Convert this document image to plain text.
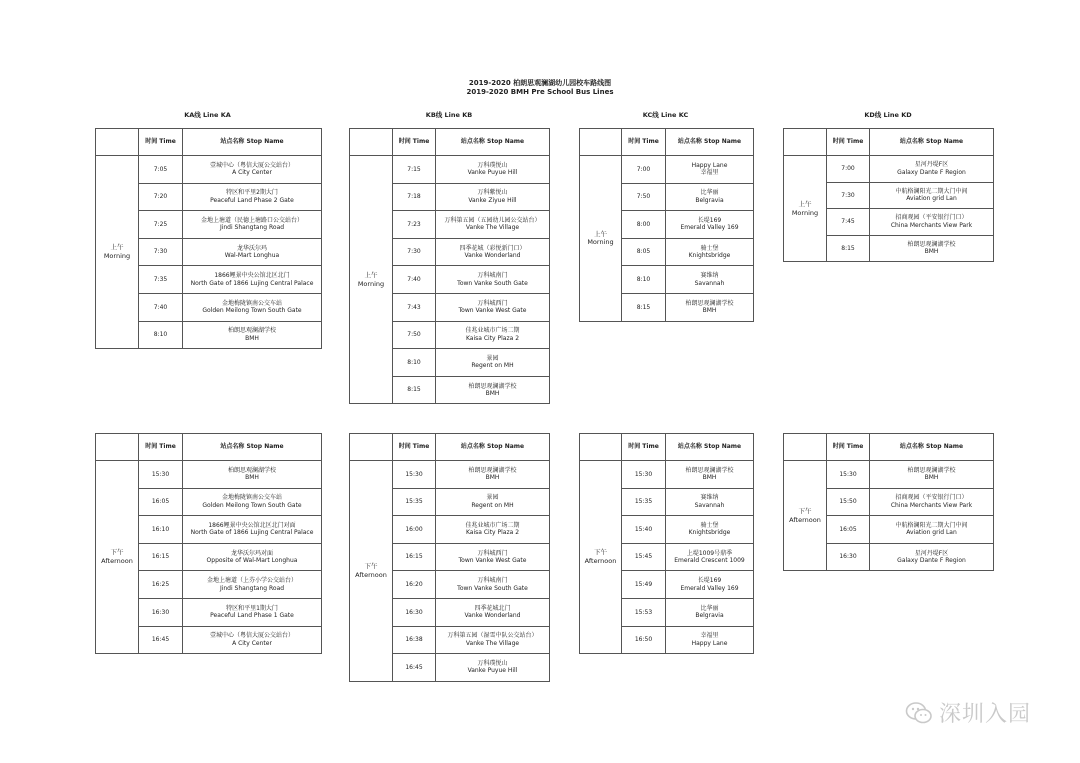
2019-2020 柏朗思观澜湖幼儿园校车路线图
2019-2020 BMH Pre School Bus Lines
KA线 Line KA	KB线 Line KB	KC线 Line KC	KD线 Line KD
	时间 Time	站点名称 Stop Name

上午
Morning	7:05	壹城中心（粤信大厦公交站台）
A City Center

	7:20	特区和平里2期大门
Peaceful Land Phase 2 Gate

	7:25	金地上塘道（民德上塘路口公交站台）
Jindi Shangtang Road

	7:30	龙华沃尔玛
Wal-Mart Longhua

	7:35	1866鲤景中央公馆北区北门
North Gate of 1866 Lujing Central Palace

	7:40	金地梅陇镇南公交车站
Golden Meilong Town South Gate

	8:10	柏朗思观澜湖学校
BMH
	时间 Time	站点名称 Stop Name

上午
Morning	7:15	万科璞悦山
Vanke Puyue Hill

	7:18	万科紫悦山
Vanke Ziyue Hill

	7:23	万科第五园（五园幼儿园公交站台）
Vanke The Village

	7:30	四季花城（彩悦新门口）
Vanke Wonderland

	7:40	万科城南门
Town Vanke South Gate

	7:43	万科城西门
Town Vanke West Gate

	7:50	佳兆业城市广场二期
Kaisa City Plaza 2

	8:10	景园
Regent on MH

	8:15	柏朗思观澜湖学校
BMH
	时间 Time	站点名称 Stop Name

上午
Morning	7:00	Happy Lane
幸福里

	7:50	比华丽
Belgravia

	8:00	长堤169
Emerald Valley 169

	8:05	骑士堡
Knightsbridge

	8:10	赛维纳
Savannah

	8:15	柏朗思观澜湖学校
BMH
	时间 Time	站点名称 Stop Name

上午
Morning	7:00	星河丹堤F区
Galaxy Dante F Region

	7:30	中航格澜阳光二期大门中间
Aviation grid Lan

	7:45	招商观园（平安银行门口）
China Merchants View Park

	8:15	柏朗思观澜湖学校
BMH
	时间 Time	站点名称 Stop Name

下午
Afternoon	15:30	柏朗思观澜湖学校
BMH

	16:05	金地梅陇镇南公交车站
Golden Meilong Town South Gate

	16:10	1866鲤景中央公馆北区北门对面
North Gate of 1866 Lujing Central Palace

	16:15	龙华沃尔玛对面
Opposite of Wal-Mart Longhua

	16:25	金地上塘道（上芬小学公交站台）
Jindi Shangtang Road

	16:30	特区和平里1期大门
Peaceful Land Phase 1 Gate

	16:45	壹城中心（粤信大厦公交站台）
A City Center
	时间 Time	站点名称 Stop Name

下午
Afternoon	15:30	柏朗思观澜湖学校
BMH

	15:35	景园
Regent on MH

	16:00	佳兆业城市广场二期
Kaisa City Plaza 2

	16:15	万科城西门
Town Vanke West Gate

	16:20	万科城南门
Town Vanke South Gate

	16:30	四季花城北门
Vanke Wonderland

	16:38	万科第五园（湿雪中队公交站台）
Vanke The Village

	16:45	万科璞悦山
Vanke Puyue Hill
	时间 Time	站点名称 Stop Name

下午
Afternoon	15:30	柏朗思观澜湖学校
BMH

	15:35	赛维纳
Savannah

	15:40	骑士堡
Knightsbridge

	15:45	上堤1009号鼎季
Emerald Crescent 1009

	15:49	长堤169
Emerald Valley 169

	15:53	比华丽
Belgravia

	16:50	幸福里
Happy Lane
	时间 Time	站点名称 Stop Name

下午
Afternoon	15:30	柏朗思观澜湖学校
BMH

	15:50	招商观园（平安银行门口）
China Merchants View Park

	16:05	中航格澜阳光二期大门中间
Aviation grid Lan

	16:30	星河丹堤F区
Galaxy Dante F Region
深圳入园
